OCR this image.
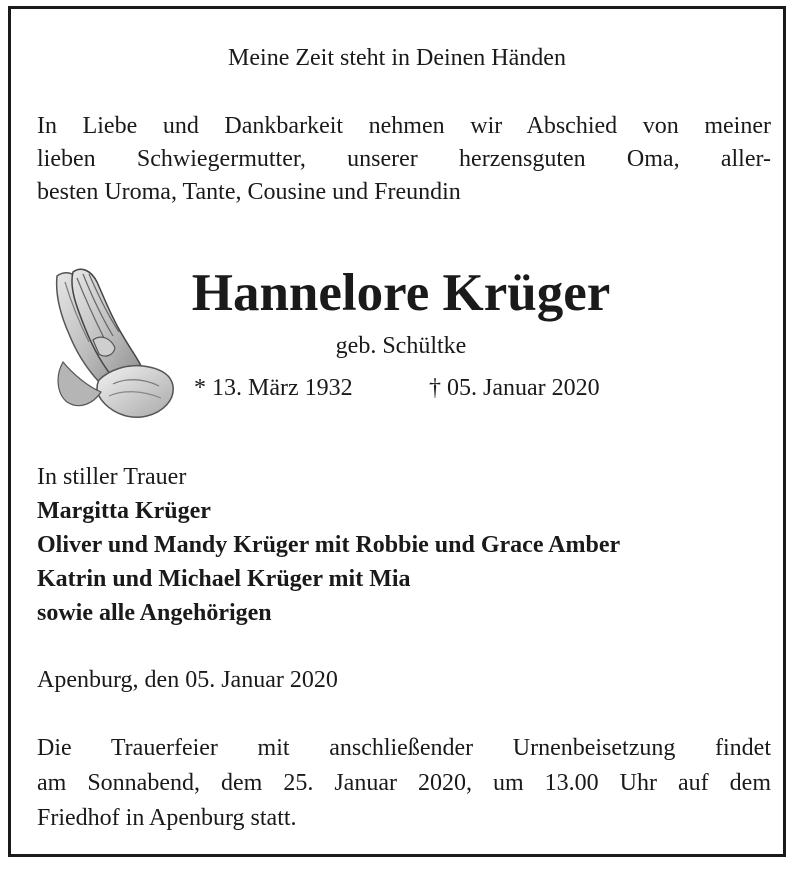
Meine Zeit steht in Deinen Händen
In Liebe und Dankbarkeit nehmen wir Abschied von meiner
lieben Schwiegermutter, unserer herzensguten Oma, aller-
besten Uroma, Tante, Cousine und Freundin
Hannelore Krüger
geb. Schültke
* 13. März 1932	† 05. Januar 2020
In stiller Trauer
Margitta Krüger
Oliver und Mandy Krüger mit Robbie und Grace Amber
Katrin und Michael Krüger mit Mia
sowie alle Angehörigen
Apenburg, den 05. Januar 2020
Die Trauerfeier mit anschließender Urnenbeisetzung findet
am Sonnabend, dem 25. Januar 2020, um 13.00 Uhr auf dem
Friedhof in Apenburg statt.
